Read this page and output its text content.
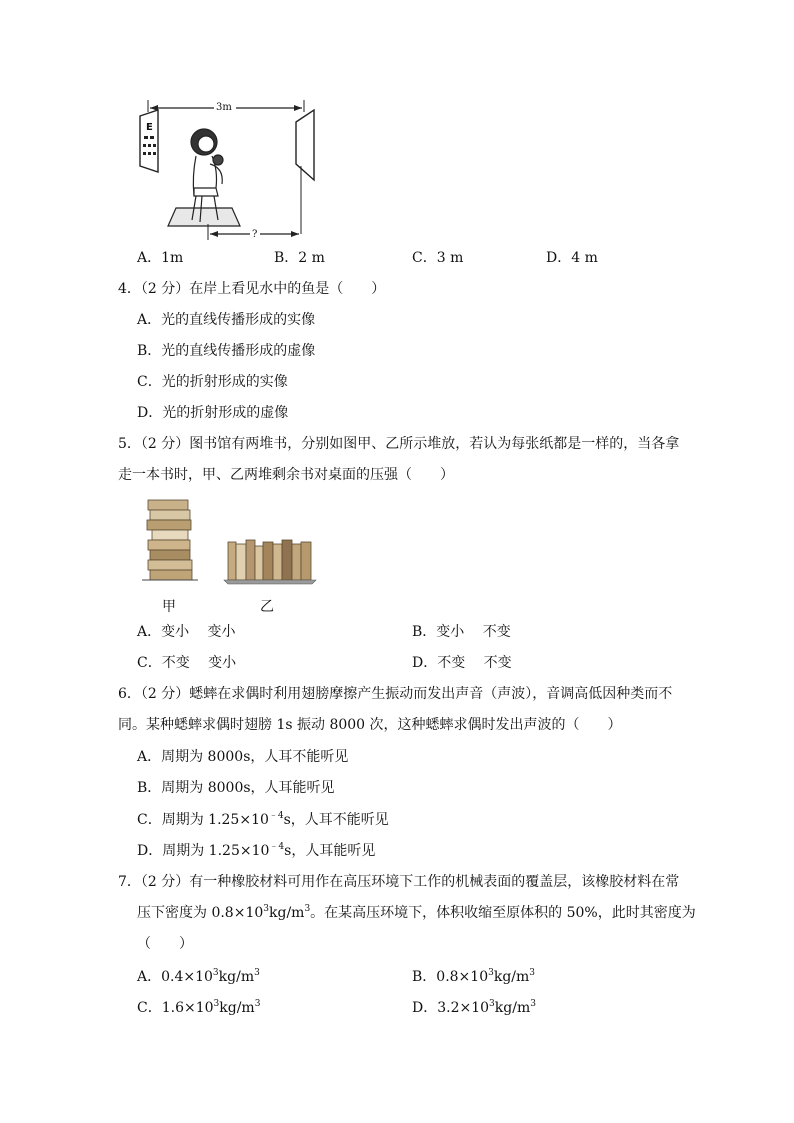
E
3m
?
A．1m	B．2 m	C．3 m	D．4 m
4．（2 分）在岸上看见水中的鱼是（　　）
A．光的直线传播形成的实像
B．光的直线传播形成的虚像
C．光的折射形成的实像
D．光的折射形成的虚像
5．（2 分）图书馆有两堆书，分别如图甲、乙所示堆放，若认为每张纸都是一样的，当各拿
走一本书时，甲、乙两堆剩余书对桌面的压强（　　）
甲	乙
A．变小　 变小	B．变小　 不变
C．不变　 变小	D．不变　 不变
6．（2 分）蟋蟀在求偶时利用翅膀摩擦产生振动而发出声音（声波），音调高低因种类而不
同。某种蟋蟀求偶时翅膀 1s 振动 8000 次，这种蟋蟀求偶时发出声波的（　　）
A．周期为 8000s，人耳不能听见
B．周期为 8000s，人耳能听见
C．周期为 $1.25\times 10^{﹣4}s$，人耳不能听见
D．周期为 $1.25\times 10^{﹣4}s$，人耳能听见
7．（2 分）有一种橡胶材料可用作在高压环境下工作的机械表面的覆盖层，该橡胶材料在常
压下密度为 $0.8\times 10^3kg/m^3$。在某高压环境下，体积收缩至原体积的 50%，此时其密度为
（　　）
A．$0.4\times 10^3kg/m^3$	B．$0.8\times 10^3kg/m^3$
C．$1.6\times 10^3kg/m^3$	D．$3.2\times 10^3kg/m^3$
